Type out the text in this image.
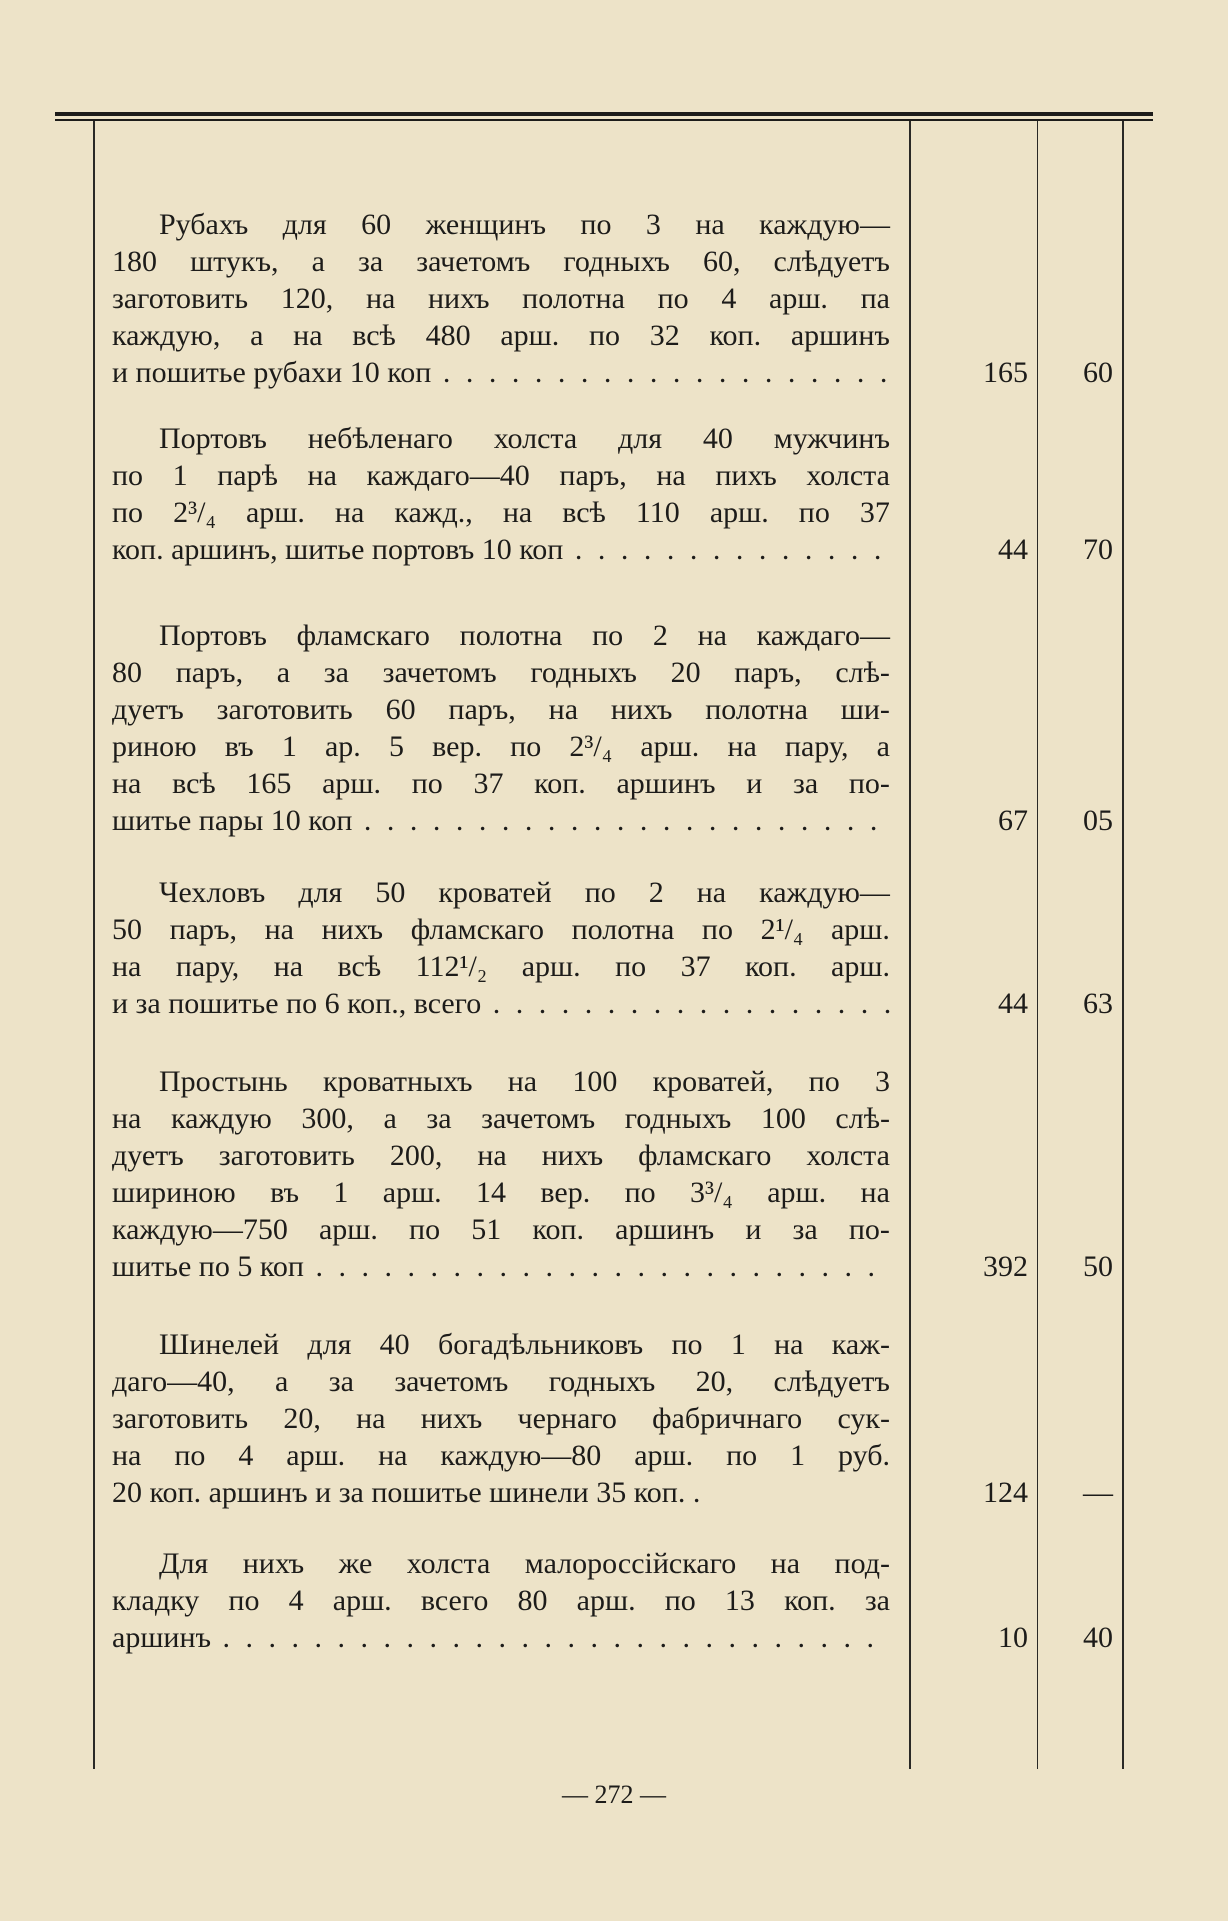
Рубахъ для 60 женщинъ по 3 на каждую—
180 штукъ, а за зачетомъ годныхъ 60, слѣдуетъ
заготовить 120, на нихъ полотна по 4 арш. па
каждую, а на всѣ 480 арш. по 32 коп. аршинъ
и пошитье рубахи 10 коп . . .	165	60
Портовъ небѣленаго холста для 40 мужчинъ
по 1 парѣ на каждаго—40 паръ, на пихъ холста
по 2³/₄ арш. на кажд., на всѣ 110 арш. по 37
коп. аршинъ, шитье портовъ 10 коп . . .	44	70
Портовъ фламскаго полотна по 2 на каждаго—
80 паръ, а за зачетомъ годныхъ 20 паръ, слѣ-
дуетъ заготовить 60 паръ, на нихъ полотна ши-
риною въ 1 ар. 5 вер. по 2³/₄ арш. на пару, а
на всѣ 165 арш. по 37 коп. аршинъ и за по-
шитье пары 10 коп . . .	67	05
Чехловъ для 50 кроватей по 2 на каждую—
50 паръ, на нихъ фламскаго полотна по 2¹/₄ арш.
на пару, на всѣ 112¹/₂ арш. по 37 коп. арш.
и за пошитье по 6 коп., всего . . .	44	63
Простынь кроватныхъ на 100 кроватей, по 3
на каждую 300, а за зачетомъ годныхъ 100 слѣ-
дуетъ заготовить 200, на нихъ фламскаго холста
шириною въ 1 арш. 14 вер. по 3³/₄ арш. на
каждую—750 арш. по 51 коп. аршинъ и за по-
шитье по 5 коп . . .	392	50
Шинелей для 40 богадѣльниковъ по 1 на каж-
даго—40, а за зачетомъ годныхъ 20, слѣдуетъ
заготовить 20, на нихъ чернаго фабричнаго сук-
на по 4 арш. на каждую—80 арш. по 1 руб.
20 коп. аршинъ и за пошитье шинели 35 коп. .	124	—
Для нихъ же холста малороссійскаго на под-
кладку по 4 арш. всего 80 арш. по 13 коп. за
аршинъ . . .	10	40
— 272 —
